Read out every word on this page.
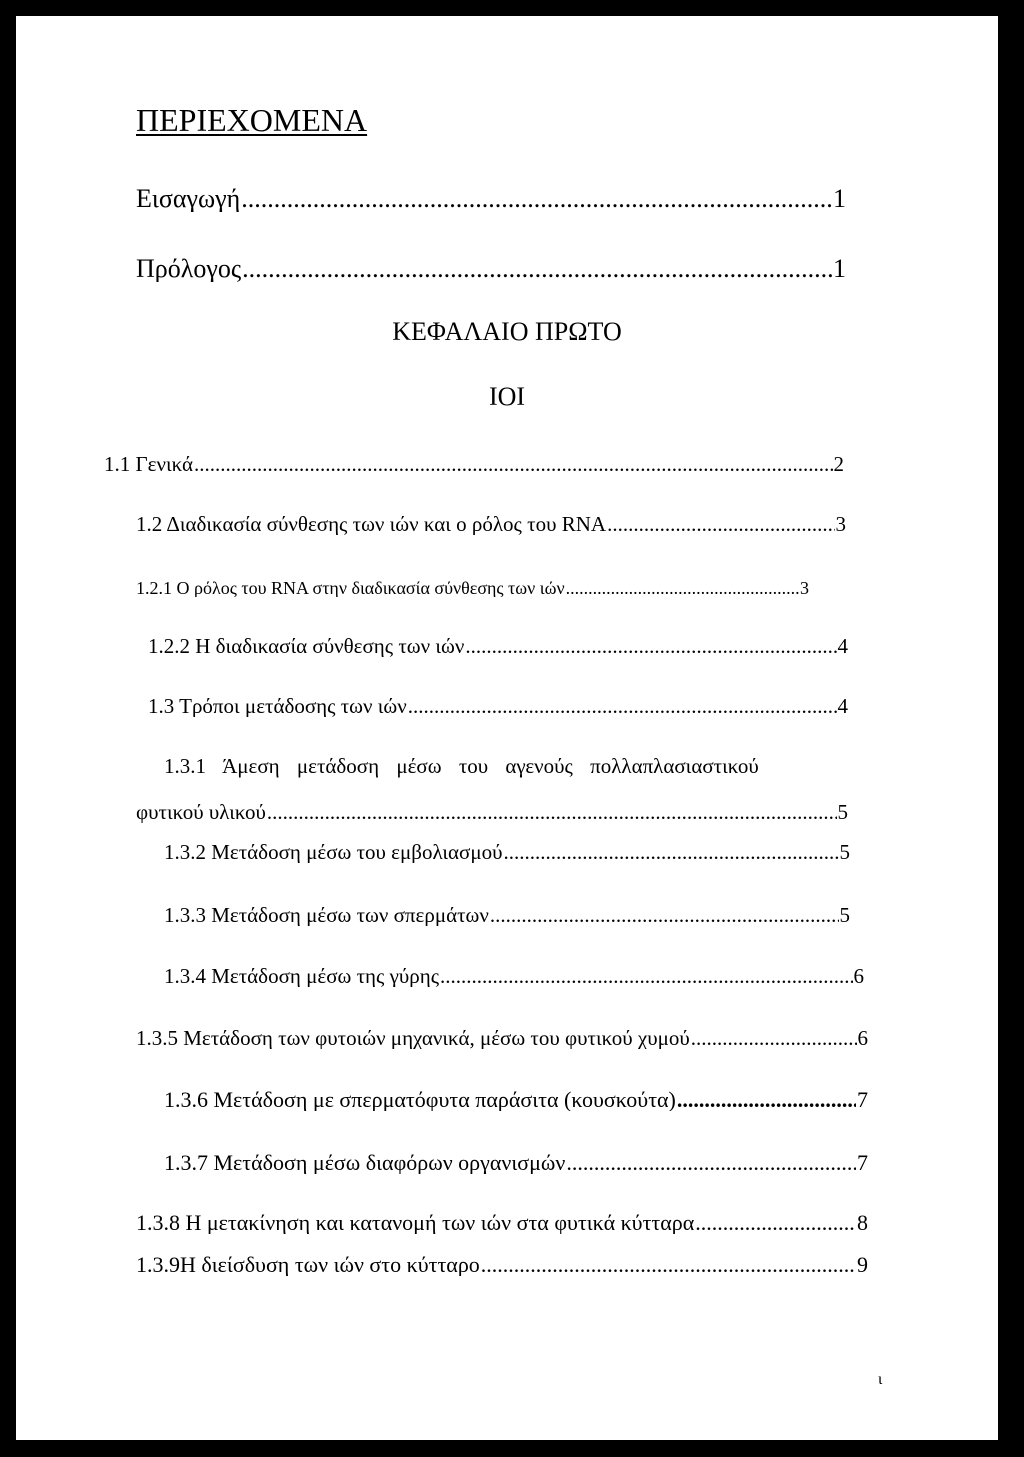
ΠΕΡΙΕΧΟΜΕΝΑ
Εισαγωγή .....	1
Πρόλογος .....	1
ΚΕΦΑΛΑΙΟ ΠΡΩΤΟ
ΙΟΙ
1.1 Γενικά .....	2
1.2 Διαδικασία σύνθεσης των ιών και ο ρόλος του RNA .....	3
1.2.1 Ο ρόλος του RNA στην διαδικασία σύνθεσης των ιών .....	3
1.2.2 Η διαδικασία σύνθεσης των ιών .....	4
1.3 Τρόποι μετάδοσης των ιών .....	4
1.3.1 Άμεση μετάδοση μέσω του αγενούς πολλαπλασιαστικού
φυτικού υλικού .....	5
1.3.2 Μετάδοση μέσω του εμβολιασμού .....	5
1.3.3 Μετάδοση μέσω των σπερμάτων .....	5
1.3.4 Μετάδοση μέσω της γύρης .....	6
1.3.5 Μετάδοση των φυτοιών μηχανικά, μέσω του φυτικού χυμού .....	6
1.3.6 Μετάδοση με σπερματόφυτα παράσιτα (κουσκούτα) .....	7
1.3.7 Μετάδοση μέσω διαφόρων οργανισμών .....	7
1.3.8 Η μετακίνηση και κατανομή των ιών στα φυτικά κύτταρα .....	8
1.3.9Η διείσδυση των ιών στο κύτταρο .....	9
ι
